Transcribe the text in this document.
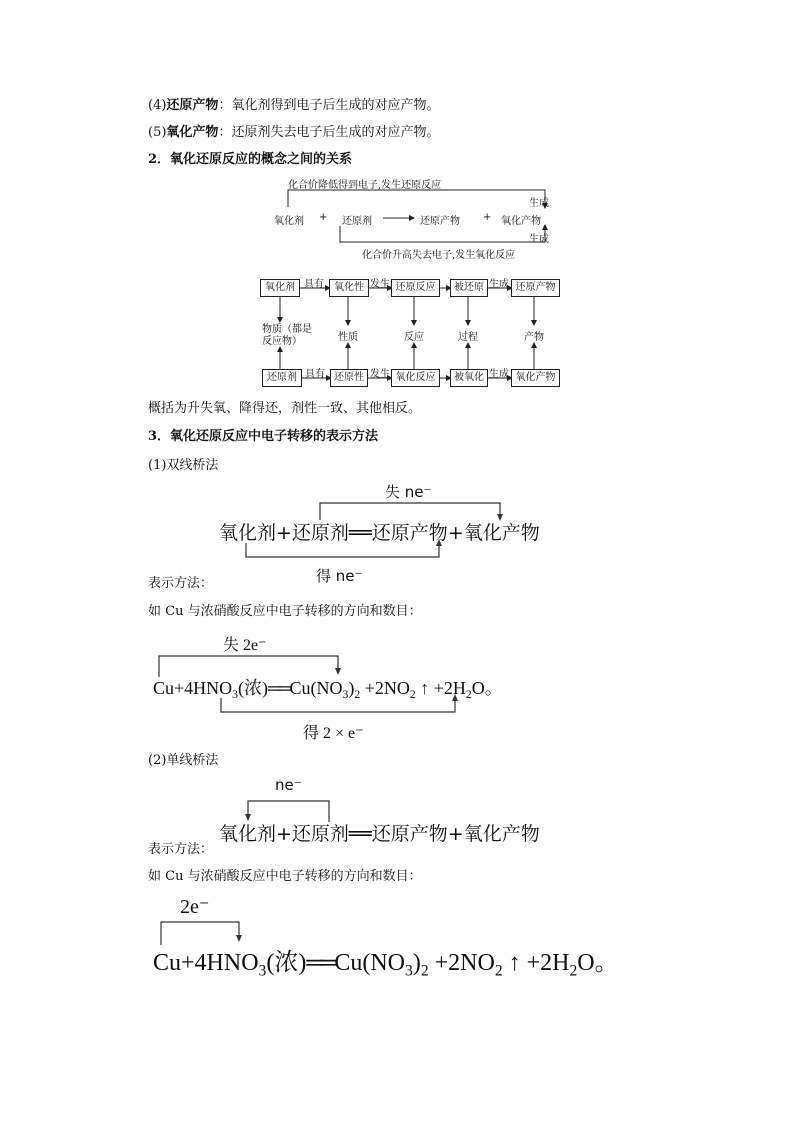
(4)还原产物：氧化剂得到电子后生成的对应产物。
(5)氧化产物：还原剂失去电子后生成的对应产物。
2．氧化还原反应的概念之间的关系
化合价降低得到电子,发生还原反应
生成
氧化剂 + 还原剂	还原产物 + 氧化产物
生成
化合价升高失去电子,发生氧化反应
氧化剂	氧化性	还原反应	被还原	还原产物
具有	发生	生成
物质（都是
反应物）	性质	反应	过程	产物
还原剂	还原性	氧化反应	被氧化	氧化产物
具有	发生	生成
概括为升失氧、降得还，剂性一致、其他相反。
3．氧化还原反应中电子转移的表示方法
(1)双线桥法
失 ne⁻
氧化剂+还原剂══还原产物+氧化产物
得 ne⁻
表示方法：
如 Cu 与浓硝酸反应中电子转移的方向和数目：
失 2e⁻
$Cu+4HNO_3$(浓)$══Cu(NO_3)_2 +2NO_2$ ↑ $+2H_2O$。
得 2 × e⁻
(2)单线桥法
ne⁻
氧化剂+还原剂══还原产物+氧化产物
表示方法：
如 Cu 与浓硝酸反应中电子转移的方向和数目：
2e⁻
$Cu+4HNO_3$(浓)$══Cu(NO_3)_2 +2NO_2$ ↑ $+2H_2O$。
